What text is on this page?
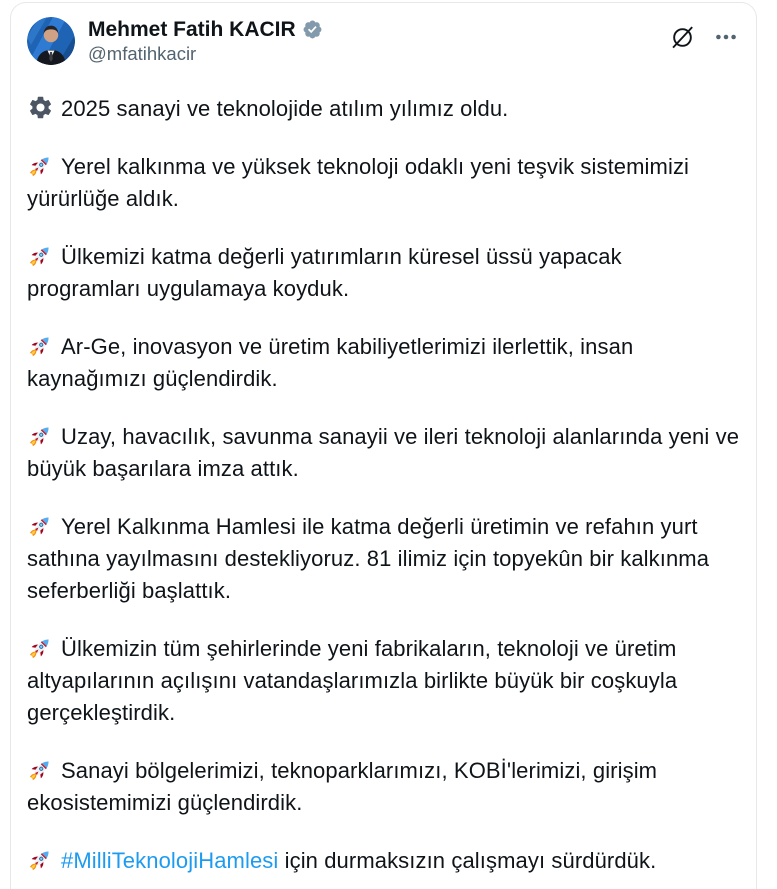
Mehmet Fatih KACIR
@mfatihkacir

2025 sanayi ve teknolojide atılım yılımız oldu.

Yerel kalkınma ve yüksek teknoloji odaklı yeni teşvik sistemimizi yürürlüğe aldık.

Ülkemizi katma değerli yatırımların küresel üssü yapacak programları uygulamaya koyduk.

Ar-Ge, inovasyon ve üretim kabiliyetlerimizi ilerlettik, insan kaynağımızı güçlendirdik.

Uzay, havacılık, savunma sanayii ve ileri teknoloji alanlarında yeni ve büyük başarılara imza attık.

Yerel Kalkınma Hamlesi ile katma değerli üretimin ve refahın yurt sathına yayılmasını destekliyoruz. 81 ilimiz için topyekûn bir kalkınma seferberliği başlattık.

Ülkemizin tüm şehirlerinde yeni fabrikaların, teknoloji ve üretim altyapılarının açılışını vatandaşlarımızla birlikte büyük bir coşkuyla gerçekleştirdik.

Sanayi bölgelerimizi, teknoparklarımızı, KOBİ'lerimizi, girişim ekosistemimizi güçlendirdik.

#MilliTeknolojiHamlesi için durmaksızın çalışmayı sürdürdük.
